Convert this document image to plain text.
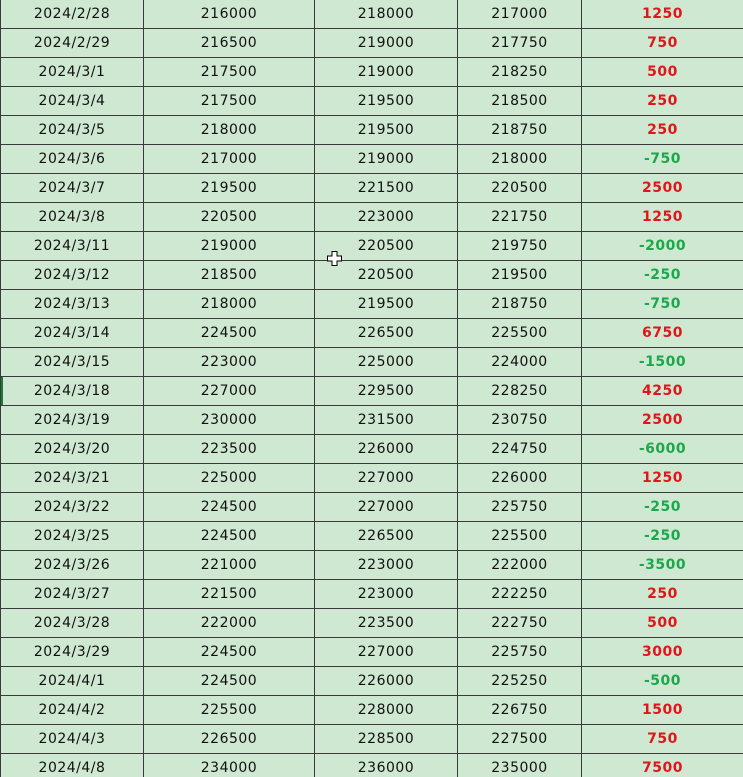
2024/2/28	216000	218000	217000	1250
2024/2/29	216500	219000	217750	750
2024/3/1	217500	219000	218250	500
2024/3/4	217500	219500	218500	250
2024/3/5	218000	219500	218750	250
2024/3/6	217000	219000	218000	-750
2024/3/7	219500	221500	220500	2500
2024/3/8	220500	223000	221750	1250
2024/3/11	219000	220500	219750	-2000
2024/3/12	218500	220500	219500	-250
2024/3/13	218000	219500	218750	-750
2024/3/14	224500	226500	225500	6750
2024/3/15	223000	225000	224000	-1500
2024/3/18	227000	229500	228250	4250
2024/3/19	230000	231500	230750	2500
2024/3/20	223500	226000	224750	-6000
2024/3/21	225000	227000	226000	1250
2024/3/22	224500	227000	225750	-250
2024/3/25	224500	226500	225500	-250
2024/3/26	221000	223000	222000	-3500
2024/3/27	221500	223000	222250	250
2024/3/28	222000	223500	222750	500
2024/3/29	224500	227000	225750	3000
2024/4/1	224500	226000	225250	-500
2024/4/2	225500	228000	226750	1500
2024/4/3	226500	228500	227500	750
2024/4/8	234000	236000	235000	7500
